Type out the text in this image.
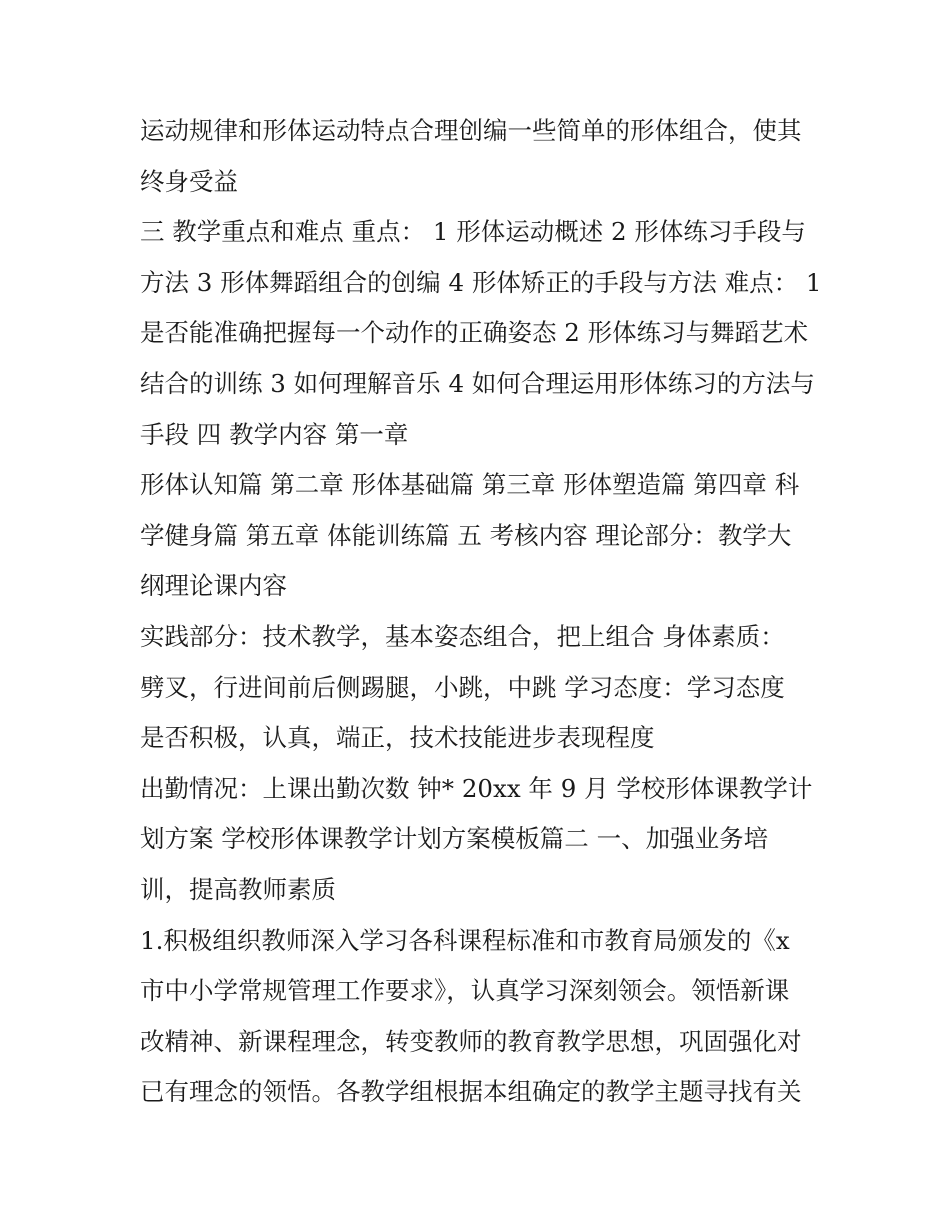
运动规律和形体运动特点合理创编一些简单的形体组合，使其
终身受益
三 教学重点和难点 重点： 1 形体运动概述 2 形体练习手段与
方法 3 形体舞蹈组合的创编 4 形体矫正的手段与方法 难点： 1
是否能准确把握每一个动作的正确姿态 2 形体练习与舞蹈艺术
结合的训练 3 如何理解音乐 4 如何合理运用形体练习的方法与
手段 四 教学内容 第一章
形体认知篇 第二章 形体基础篇 第三章 形体塑造篇 第四章 科
学健身篇 第五章 体能训练篇 五 考核内容 理论部分：教学大
纲理论课内容
实践部分：技术教学，基本姿态组合，把上组合 身体素质：
劈叉，行进间前后侧踢腿，小跳，中跳 学习态度：学习态度
是否积极，认真，端正，技术技能进步表现程度
出勤情况：上课出勤次数 钟* 20xx 年 9 月 学校形体课教学计
划方案 学校形体课教学计划方案模板篇二 一、加强业务培
训，提高教师素质
1.积极组织教师深入学习各科课程标准和市教育局颁发的《x
市中小学常规管理工作要求》，认真学习深刻领会。领悟新课
改精神、新课程理念，转变教师的教育教学思想，巩固强化对
已有理念的领悟。各教学组根据本组确定的教学主题寻找有关
